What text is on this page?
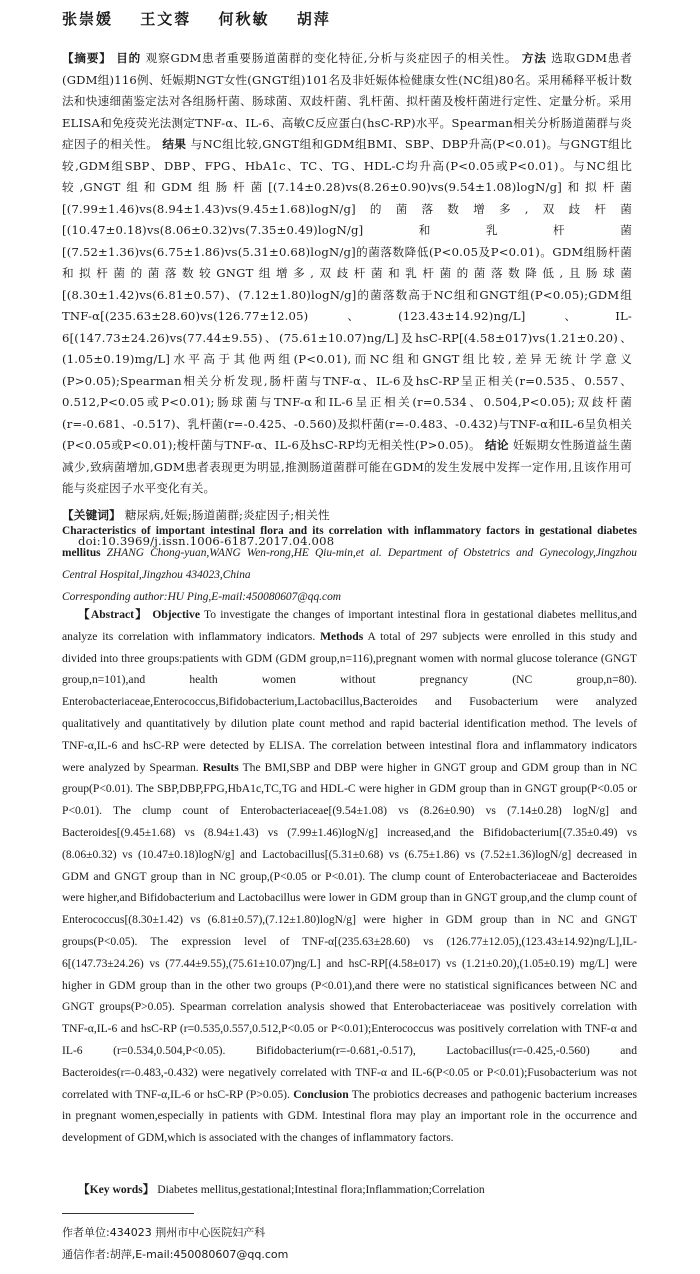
张崇媛 王文蓉 何秋敏 胡萍
【摘要】 目的 观察GDM患者重要肠道菌群的变化特征,分析与炎症因子的相关性。 方法 选取GDM患者(GDM组)116例、妊娠期NGT女性(GNGT组)101名及非妊娠体检健康女性(NC组)80名。采用稀释平板计数法和快速细菌鉴定法对各组肠杆菌、肠球菌、双歧杆菌、乳杆菌、拟杆菌及梭杆菌进行定性、定量分析。采用ELISA和免疫荧光法测定TNF-α、IL-6、高敏C反应蛋白(hsC-RP)水平。Spearman相关分析肠道菌群与炎症因子的相关性。 结果 与NC组比较,GNGT组和GDM组BMI、SBP、DBP升高(P<0.01)。与GNGT组比较,GDM组SBP、DBP、FPG、HbA1c、TC、TG、HDL-C均升高(P<0.05或P<0.01)。与NC组比较,GNGT组和GDM组肠杆菌[(7.14±0.28)vs(8.26±0.90)vs(9.54±1.08)logN/g]和拟杆菌[(7.99±1.46)vs(8.94±1.43)vs(9.45±1.68)logN/g]的菌落数增多,双歧杆菌[(10.47±0.18)vs(8.06±0.32)vs(7.35±0.49)logN/g]和乳杆菌[(7.52±1.36)vs(6.75±1.86)vs(5.31±0.68)logN/g]的菌落数降低(P<0.05及P<0.01)。GDM组肠杆菌和拟杆菌的菌落数较GNGT组增多,双歧杆菌和乳杆菌的菌落数降低,且肠球菌[(8.30±1.42)vs(6.81±0.57)、(7.12±1.80)logN/g]的菌落数高于NC组和GNGT组(P<0.05);GDM组TNF-α[(235.63±28.60)vs(126.77±12.05)、(123.43±14.92)ng/L]、IL-6[(147.73±24.26)vs(77.44±9.55)、(75.61±10.07)ng/L]及hsC-RP[(4.58±017)vs(1.21±0.20)、(1.05±0.19)mg/L]水平高于其他两组(P<0.01),而NC组和GNGT组比较,差异无统计学意义(P>0.05);Spearman相关分析发现,肠杆菌与TNF-α、IL-6及hsC-RP呈正相关(r=0.535、0.557、0.512,P<0.05或P<0.01);肠球菌与TNF-α和IL-6呈正相关(r=0.534、0.504,P<0.05);双歧杆菌(r=-0.681、-0.517)、乳杆菌(r=-0.425、-0.560)及拟杆菌(r=-0.483、-0.432)与TNF-α和IL-6呈负相关(P<0.05或P<0.01);梭杆菌与TNF-α、IL-6及hsC-RP均无相关性(P>0.05)。 结论 妊娠期女性肠道益生菌减少,致病菌增加,GDM患者表现更为明显,推测肠道菌群可能在GDM的发生发展中发挥一定作用,且该作用可能与炎症因子水平变化有关。
【关键词】 糖尿病,妊娠;肠道菌群;炎症因子;相关性
doi:10.3969/j.issn.1006-6187.2017.04.008
Characteristics of important intestinal flora and its correlation with inflammatory factors in gestational diabetes mellitus ZHANG Chong-yuan,WANG Wen-rong,HE Qiu-min,et al. Department of Obstetrics and Gynecology,Jingzhou Central Hospital,Jingzhou 434023,China
Corresponding author:HU Ping,E-mail:450080607@qq.com
【Abstract】 Objective To investigate the changes of important intestinal flora in gestational diabetes mellitus,and analyze its correlation with inflammatory indicators. Methods A total of 297 subjects were enrolled in this study and divided into three groups:patients with GDM (GDM group,n=116),pregnant women with normal glucose tolerance (GNGT group,n=101),and health women without pregnancy (NC group,n=80). Enterobacteriaceae,Enterococcus,Bifidobacterium,Lactobacillus,Bacteroides and Fusobacterium were analyzed qualitatively and quantitatively by dilution plate count method and rapid bacterial identification method. The levels of TNF-α,IL-6 and hsC-RP were detected by ELISA. The correlation between intestinal flora and inflammatory indicators were analyzed by Spearman. Results The BMI,SBP and DBP were higher in GNGT group and GDM group than in NC group(P<0.01). The SBP,DBP,FPG,HbA1c,TC,TG and HDL-C were higher in GDM group than in GNGT group(P<0.05 or P<0.01). The clump count of Enterobacteriaceae[(9.54±1.08) vs (8.26±0.90) vs (7.14±0.28) logN/g] and Bacteroides[(9.45±1.68) vs (8.94±1.43) vs (7.99±1.46)logN/g] increased,and the Bifidobacterium[(7.35±0.49) vs (8.06±0.32) vs (10.47±0.18)logN/g] and Lactobacillus[(5.31±0.68) vs (6.75±1.86) vs (7.52±1.36)logN/g] decreased in GDM and GNGT group than in NC group,(P<0.05 or P<0.01). The clump count of Enterobacteriaceae and Bacteroides were higher,and Bifidobacterium and Lactobacillus were lower in GDM group than in GNGT group,and the clump count of Enterococcus[(8.30±1.42) vs (6.81±0.57),(7.12±1.80)logN/g] were higher in GDM group than in NC and GNGT groups(P<0.05). The expression level of TNF-α[(235.63±28.60) vs (126.77±12.05),(123.43±14.92)ng/L],IL-6[(147.73±24.26) vs (77.44±9.55),(75.61±10.07)ng/L] and hsC-RP[(4.58±017) vs (1.21±0.20),(1.05±0.19) mg/L] were higher in GDM group than in the other two groups (P<0.01),and there were no statistical significances between NC and GNGT groups(P>0.05). Spearman correlation analysis showed that Enterobacteriaceae was positively correlation with TNF-α,IL-6 and hsC-RP (r=0.535,0.557,0.512,P<0.05 or P<0.01);Enterococcus was positively correlation with TNF-α and IL-6 (r=0.534,0.504,P<0.05). Bifidobacterium(r=-0.681,-0.517), Lactobacillus(r=-0.425,-0.560) and Bacteroides(r=-0.483,-0.432) were negatively correlated with TNF-α and IL-6(P<0.05 or P<0.01);Fusobacterium was not correlated with TNF-α,IL-6 or hsC-RP (P>0.05). Conclusion The probiotics decreases and pathogenic bacterium increases in pregnant women,especially in patients with GDM. Intestinal flora may play an important role in the occurrence and development of GDM,which is associated with the changes of inflammatory factors.
【Key words】 Diabetes mellitus,gestational;Intestinal flora;Inflammation;Correlation
作者单位:434023 荆州市中心医院妇产科
通信作者:胡萍,E-mail:450080607@qq.com
